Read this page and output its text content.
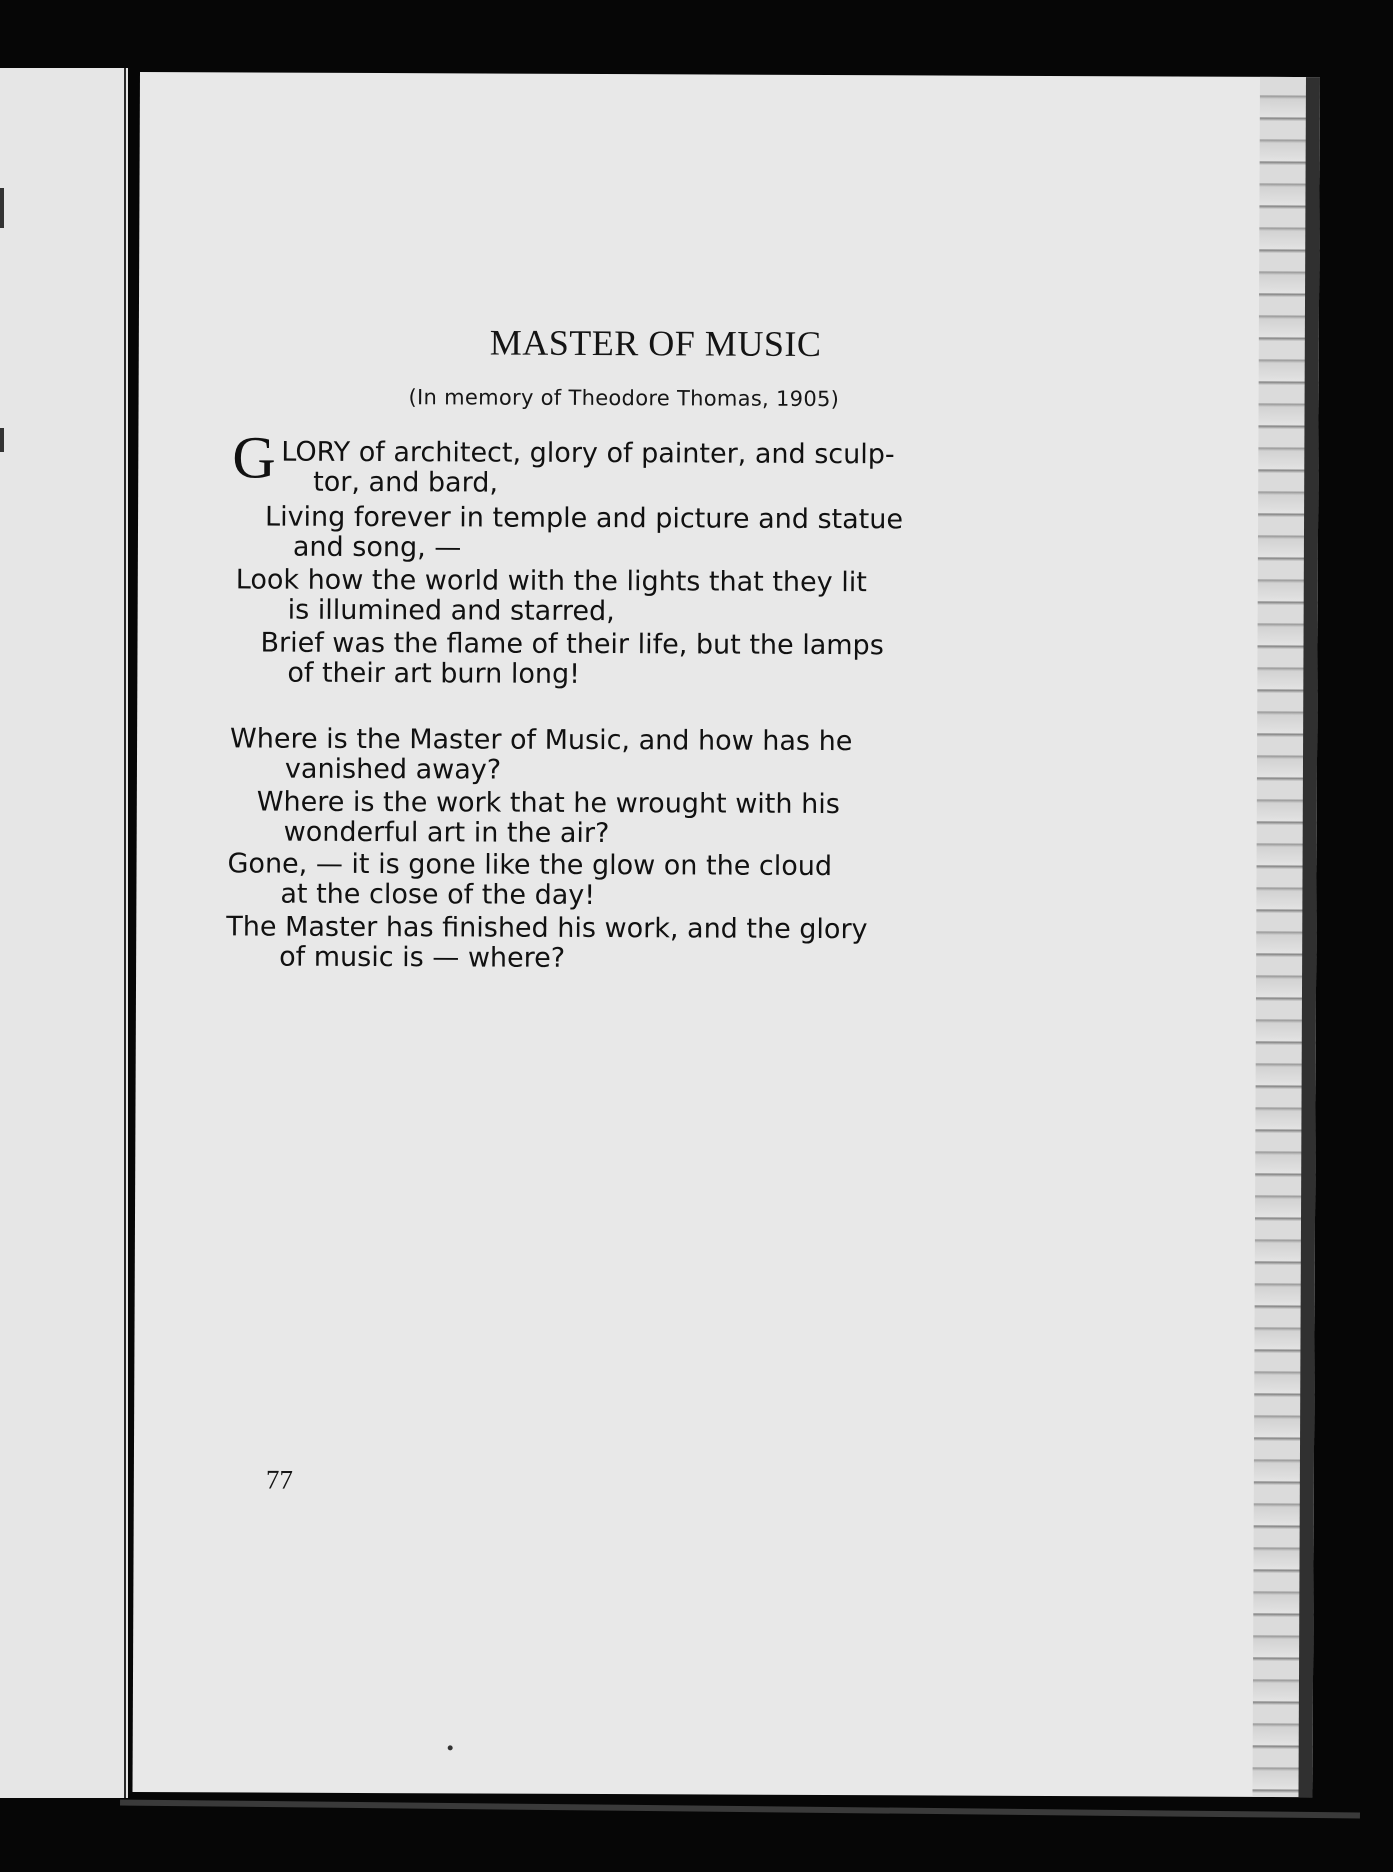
MASTER OF MUSIC

(In memory of Theodore Thomas, 1905)

G LORY of architect, glory of painter, and sculp-

tor, and bard,

Living forever in temple and picture and statue

and song, —

Look how the world with the lights that they lit

is illumined and starred,

Brief was the flame of their life, but the lamps

of their art burn long!

Where is the Master of Music, and how has he

vanished away?

Where is the work that he wrought with his

wonderful art in the air?

Gone, — it is gone like the glow on the cloud

at the close of the day!

The Master has finished his work, and the glory

of music is — where?

77
